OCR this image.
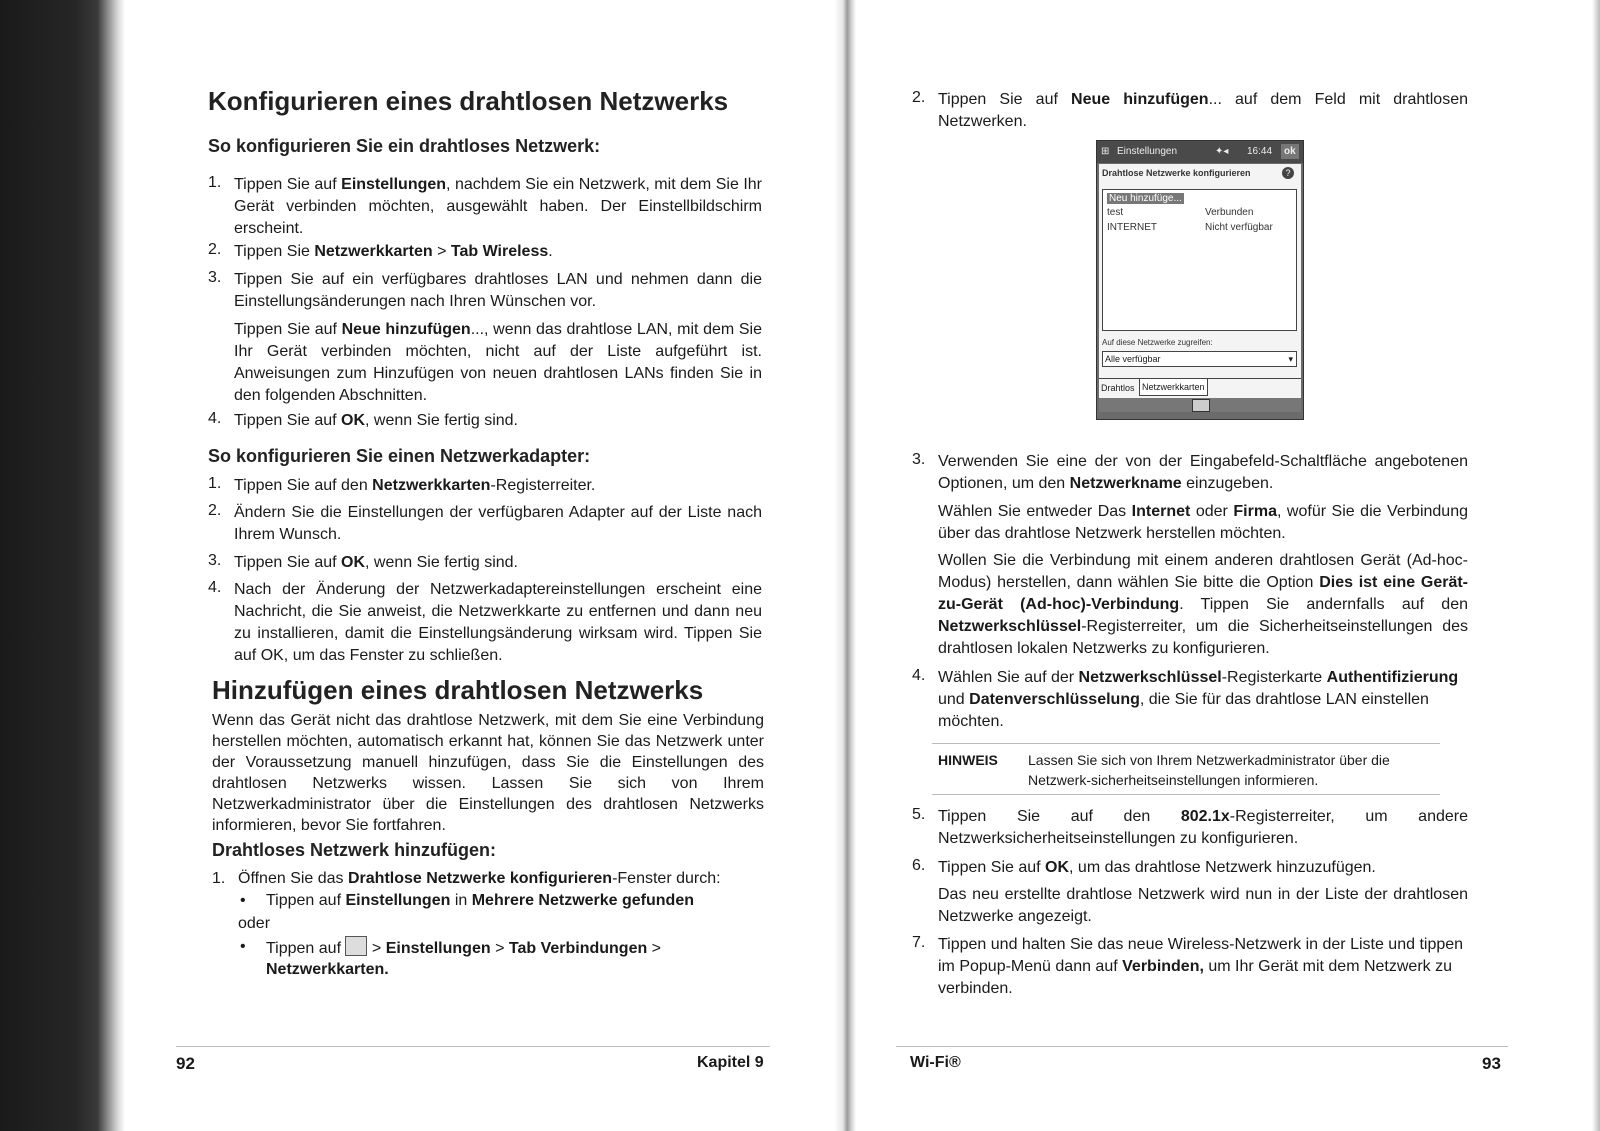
Konfigurieren eines drahtlosen Netzwerks
So konfigurieren Sie ein drahtloses Netzwerk:
1. Tippen Sie auf Einstellungen, nachdem Sie ein Netzwerk, mit dem Sie Ihr Gerät verbinden möchten, ausgewählt haben. Der Einstellbildschirm erscheint.

2. Tippen Sie Netzwerkkarten > Tab Wireless.

3. Tippen Sie auf ein verfügbares drahtloses LAN und nehmen dann die Einstellungsänderungen nach Ihren Wünschen vor.

Tippen Sie auf Neue hinzufügen..., wenn das drahtlose LAN, mit dem Sie Ihr Gerät verbinden möchten, nicht auf der Liste aufgeführt ist. Anweisungen zum Hinzufügen von neuen drahtlosen LANs finden Sie in den folgenden Abschnitten.

4. Tippen Sie auf OK, wenn Sie fertig sind.

So konfigurieren Sie einen Netzwerkadapter:
1. Tippen Sie auf den Netzwerkkarten-Registerreiter.

2. Ändern Sie die Einstellungen der verfügbaren Adapter auf der Liste nach Ihrem Wunsch.

3. Tippen Sie auf OK, wenn Sie fertig sind.

4. Nach der Änderung der Netzwerkadaptereinstellungen erscheint eine Nachricht, die Sie anweist, die Netzwerkkarte zu entfernen und dann neu zu installieren, damit die Einstellungsänderung wirksam wird. Tippen Sie auf OK, um das Fenster zu schließen.

Hinzufügen eines drahtlosen Netzwerks

Wenn das Gerät nicht das drahtlose Netzwerk, mit dem Sie eine Verbindung herstellen möchten, automatisch erkannt hat, können Sie das Netzwerk unter der Voraussetzung manuell hinzufügen, dass Sie die Einstellungen des drahtlosen Netzwerks wissen. Lassen Sie sich von Ihrem Netzwerkadministrator über die Einstellungen des drahtlosen Netzwerks informieren, bevor Sie fortfahren.

Drahtloses Netzwerk hinzufügen:

1. Öffnen Sie das Drahtlose Netzwerke konfigurieren-Fenster durch:

• Tippen auf Einstellungen in Mehrere Netzwerke gefunden

oder

• Tippen auf > Einstellungen > Tab Verbindungen >

Netzwerkkarten.

92	Kapitel 9
2. Tippen Sie auf Neue hinzufügen... auf dem Feld mit drahtlosen Netzwerken.

⊞ Einstellungen	✦◂ 16:44	ok
Drahtlose Netzwerke konfigurieren	?
Neu hinzufüge...
test	Verbunden
INTERNET	Nicht verfügbar
Auf diese Netzwerke zugreifen:
Alle verfügbar	▾
Drahtlos Netzwerkkarten
3. Verwenden Sie eine der von der Eingabefeld-Schaltfläche angebotenen Optionen, um den Netzwerkname einzugeben.

Wählen Sie entweder Das Internet oder Firma, wofür Sie die Verbindung über das drahtlose Netzwerk herstellen möchten.

Wollen Sie die Verbindung mit einem anderen drahtlosen Gerät (Ad-hoc-Modus) herstellen, dann wählen Sie bitte die Option Dies ist eine Gerät-zu-Gerät (Ad-hoc)-Verbindung. Tippen Sie andernfalls auf den Netzwerkschlüssel-Registerreiter, um die Sicherheitseinstellungen des drahtlosen lokalen Netzwerks zu konfigurieren.

4. Wählen Sie auf der Netzwerkschlüssel-Registerkarte Authentifizierung und Datenverschlüsselung, die Sie für das drahtlose LAN einstellen möchten.

HINWEIS Lassen Sie sich von Ihrem Netzwerkadministrator über die Netzwerk-sicherheitseinstellungen informieren.
5. Tippen Sie auf den 802.1x-Registerreiter, um andere Netzwerksicherheitseinstellungen zu konfigurieren.

6. Tippen Sie auf OK, um das drahtlose Netzwerk hinzuzufügen.

Das neu erstellte drahtlose Netzwerk wird nun in der Liste der drahtlosen Netzwerke angezeigt.

7. Tippen und halten Sie das neue Wireless-Netzwerk in der Liste und tippen im Popup-Menü dann auf Verbinden, um Ihr Gerät mit dem Netzwerk zu verbinden.

Wi-Fi®	93
